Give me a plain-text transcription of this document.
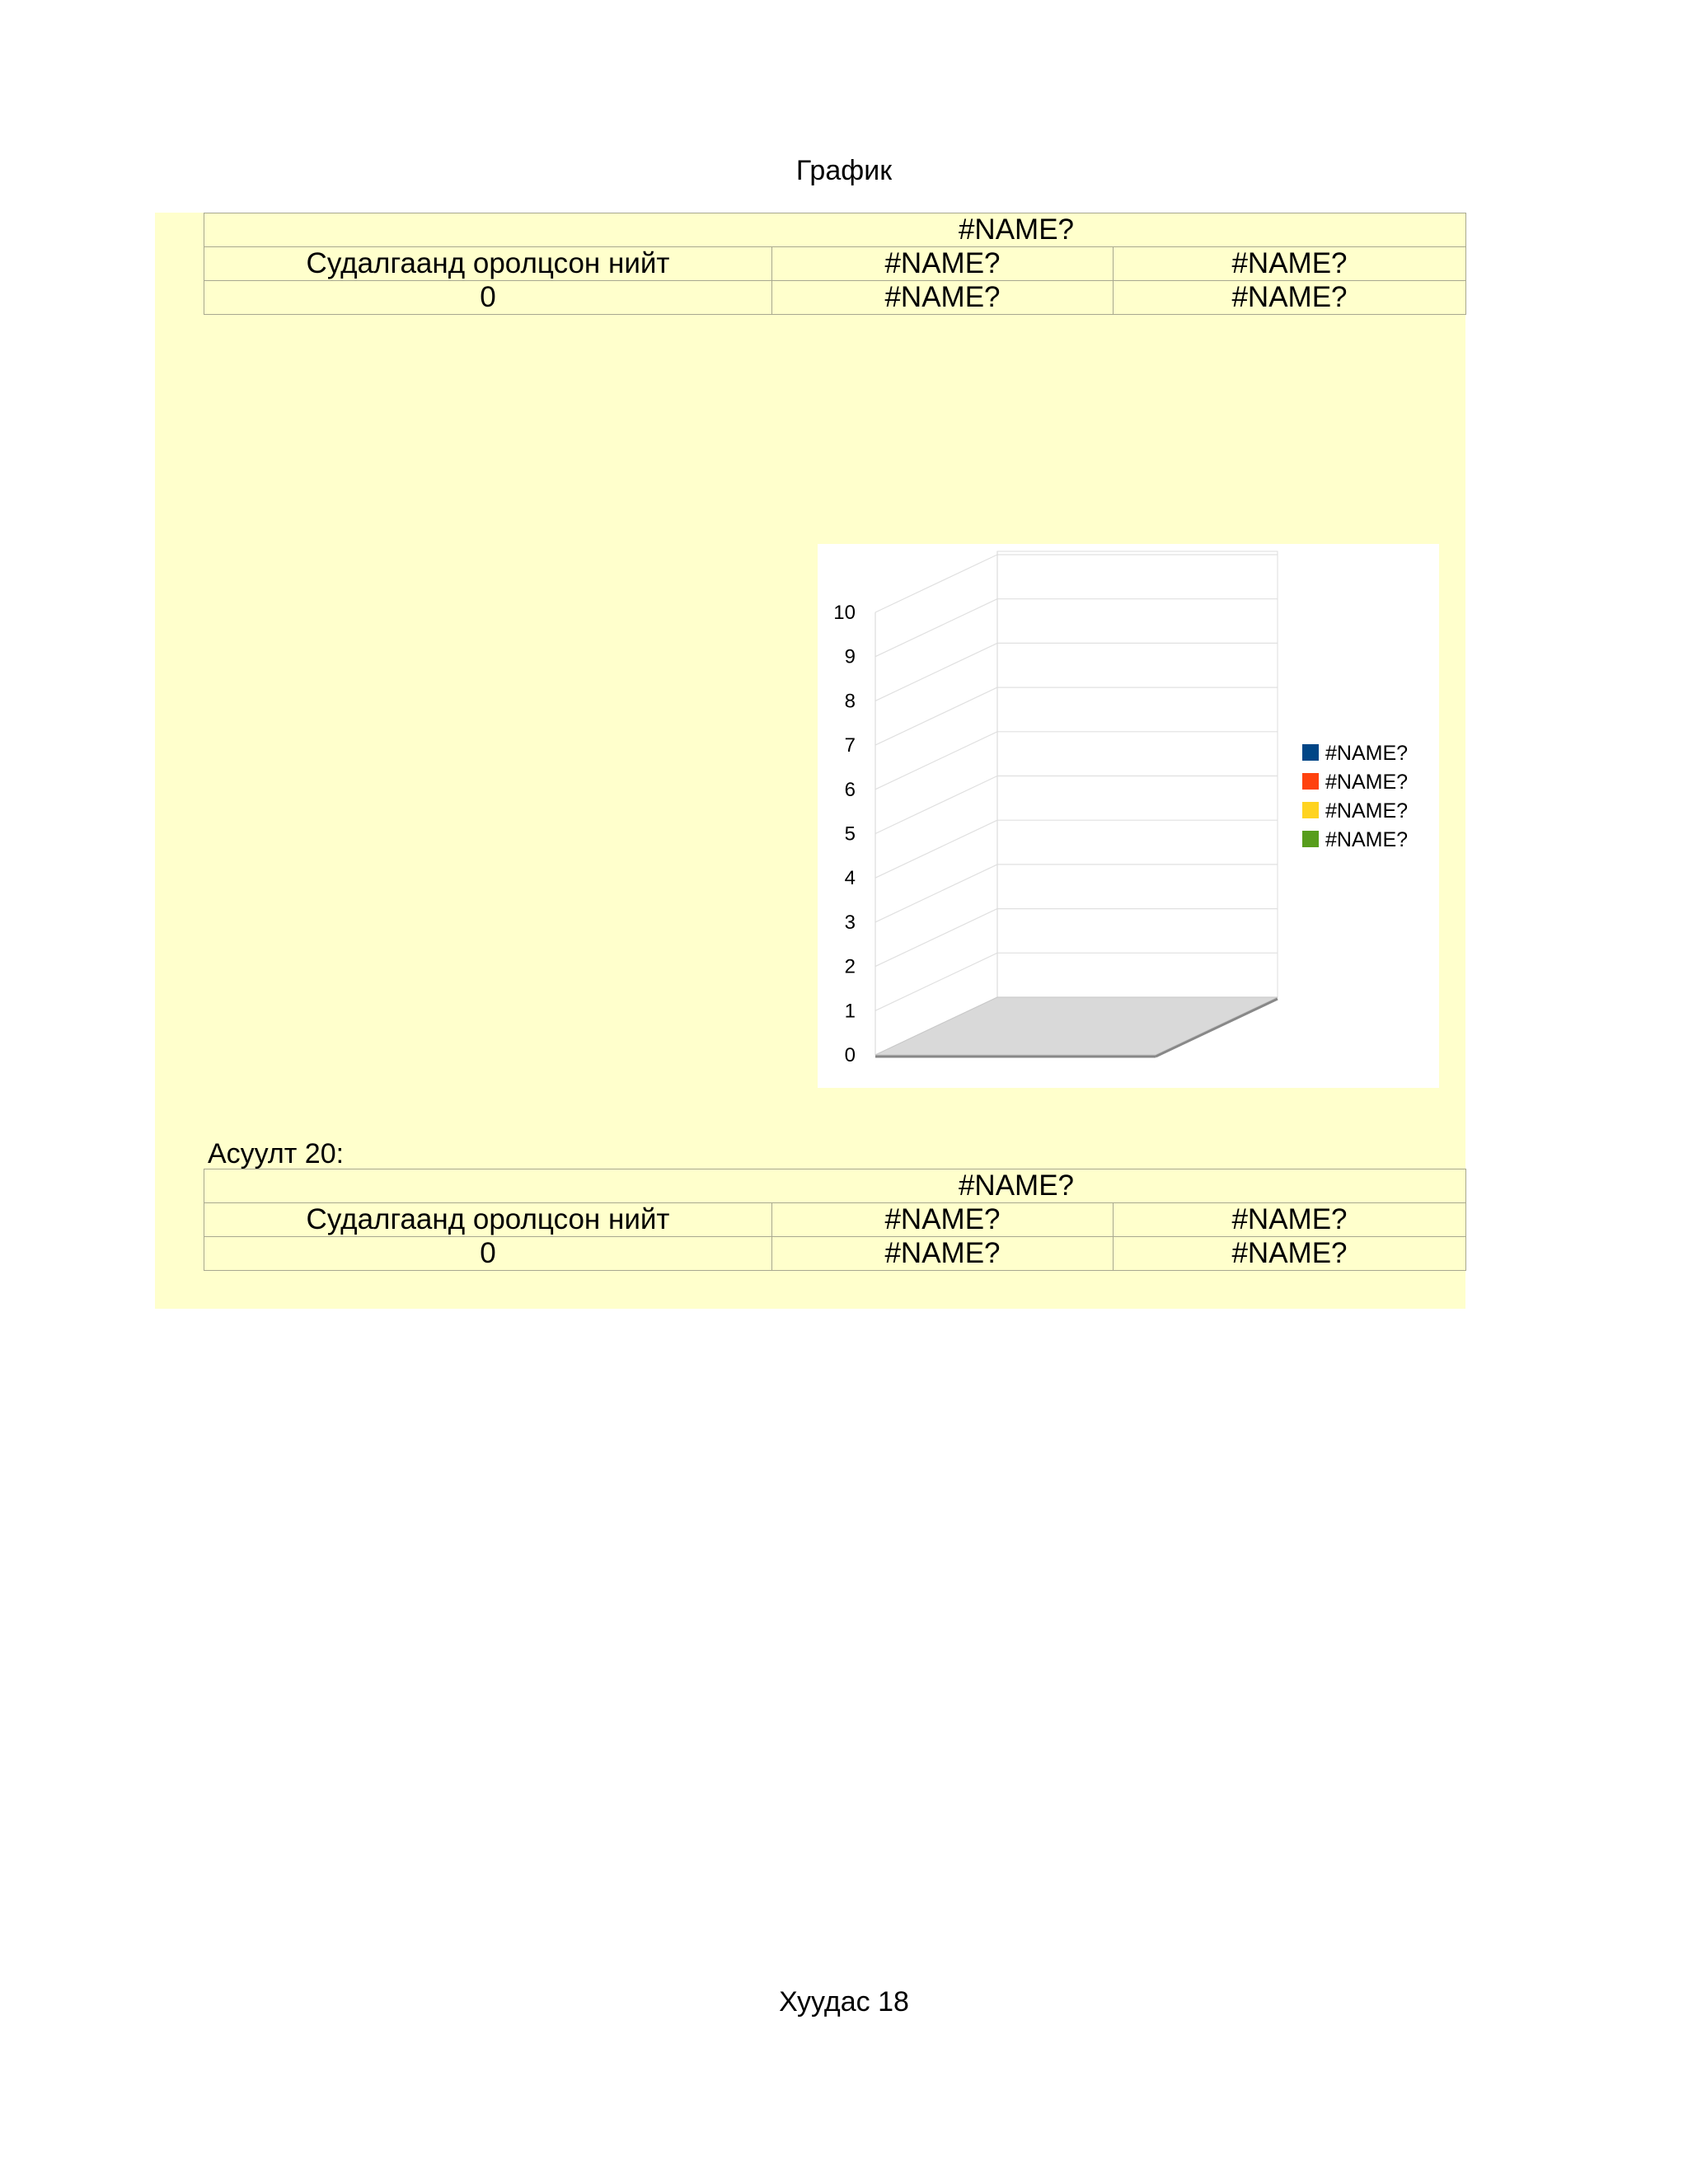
График
#NAME?		
Судалгаанд оролцсон нийт	#NAME?	#NAME?
0	#NAME?	#NAME?
0
1
2
3
4
5
6
7
8
9
10
#NAME?
#NAME?
#NAME?
#NAME?
Асуулт 20:
#NAME?		
Судалгаанд оролцсон нийт	#NAME?	#NAME?
0	#NAME?	#NAME?
Хуудас 18
